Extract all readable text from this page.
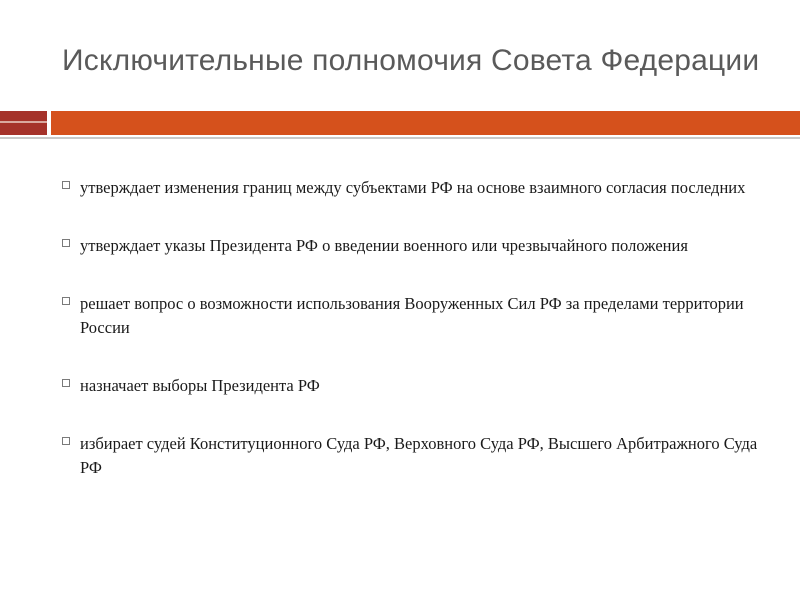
Исключительные полномочия Совета Федерации
утверждает изменения границ между субъектами РФ на основе взаимного согласия последних
утверждает указы Президента РФ о введении военного или чрезвычайного положения
решает вопрос о возможности использования Вооруженных Сил РФ за пределами территории России
назначает выборы Президента РФ
избирает судей Конституционного Суда РФ, Верховного Суда РФ, Высшего Арбитражного Суда РФ
